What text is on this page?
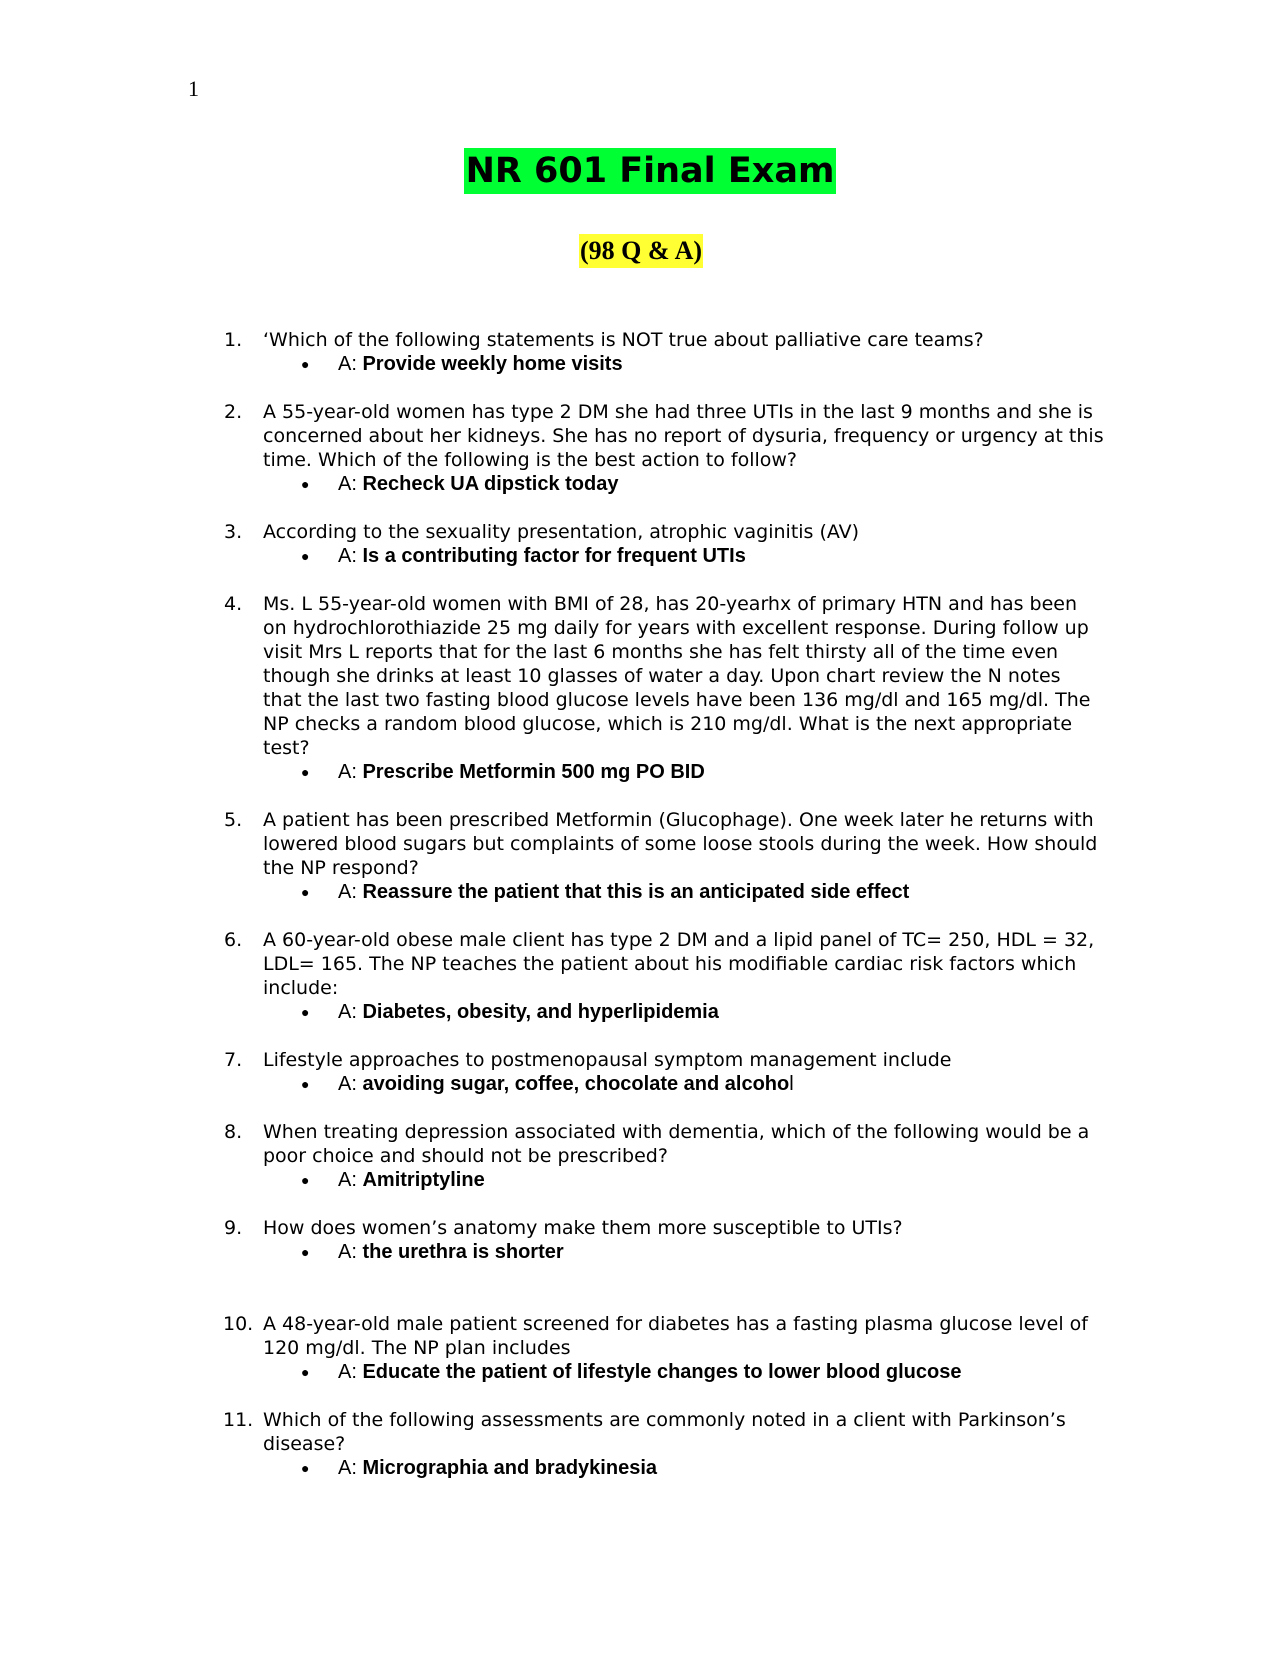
1
NR 601 Final Exam
(98 Q & A)
1. ‘Which of the following statements is NOT true about palliative care teams?
● A: Provide weekly home visits
2. A 55-year-old women has type 2 DM she had three UTIs in the last 9 months and she is concerned about her kidneys. She has no report of dysuria, frequency or urgency at this time. Which of the following is the best action to follow?
● A: Recheck UA dipstick today
3. According to the sexuality presentation, atrophic vaginitis (AV)
● A: Is a contributing factor for frequent UTIs
4. Ms. L 55-year-old women with BMI of 28, has 20-yearhx of primary HTN and has been on hydrochlorothiazide 25 mg daily for years with excellent response. During follow up visit Mrs L reports that for the last 6 months she has felt thirsty all of the time even though she drinks at least 10 glasses of water a day. Upon chart review the N notes that the last two fasting blood glucose levels have been 136 mg/dl and 165 mg/dl. The NP checks a random blood glucose, which is 210 mg/dl. What is the next appropriate test?
● A: Prescribe Metformin 500 mg PO BID
5. A patient has been prescribed Metformin (Glucophage). One week later he returns with lowered blood sugars but complaints of some loose stools during the week. How should the NP respond?
● A: Reassure the patient that this is an anticipated side effect
6. A 60-year-old obese male client has type 2 DM and a lipid panel of TC= 250, HDL = 32, LDL= 165. The NP teaches the patient about his modifiable cardiac risk factors which include:
● A: Diabetes, obesity, and hyperlipidemia
7. Lifestyle approaches to postmenopausal symptom management include
● A: avoiding sugar, coffee, chocolate and alcohol
8. When treating depression associated with dementia, which of the following would be a poor choice and should not be prescribed?
● A: Amitriptyline
9. How does women’s anatomy make them more susceptible to UTIs?
● A: the urethra is shorter
10. A 48-year-old male patient screened for diabetes has a fasting plasma glucose level of 120 mg/dl. The NP plan includes
● A: Educate the patient of lifestyle changes to lower blood glucose
11. Which of the following assessments are commonly noted in a client with Parkinson’s disease?
● A: Micrographia and bradykinesia
